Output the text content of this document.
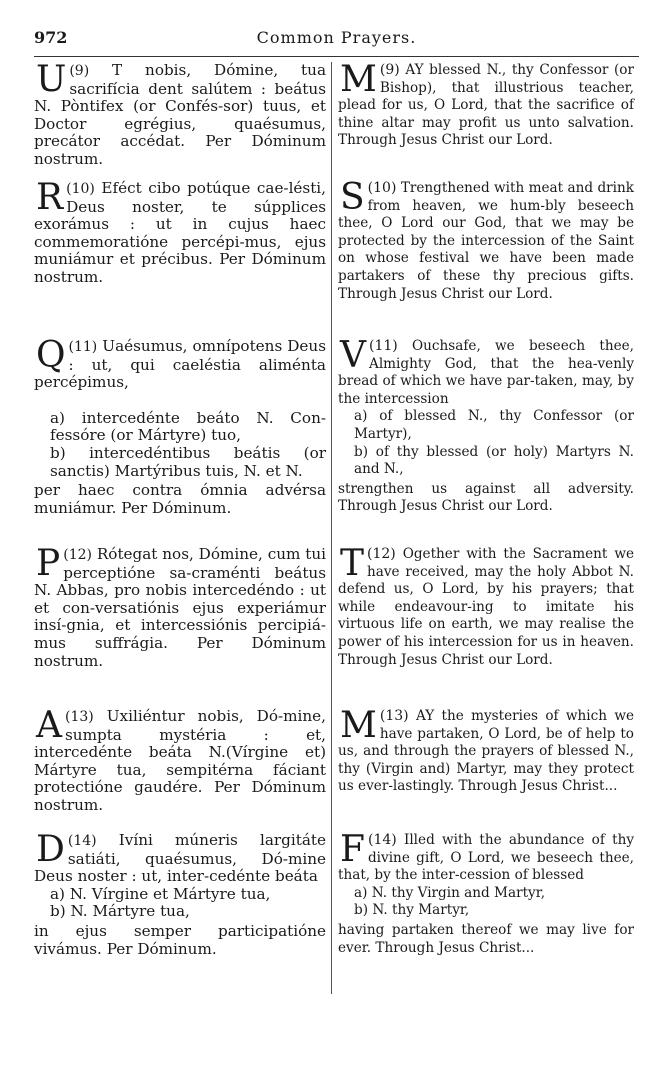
972	Common Prayers.
(9)
U	T nobis, Dómine, tua sacrifícia dent salútem : beátus N. Pòntifex (or Confés-sor) tuus, et Doctor egrégius, quaésumus, precátor accédat. Per Dóminum nostrum.
(10)
R	Eféct cibo potúque cae-lésti, Deus noster, te súpplices exorámus : ut in cujus haec commemoratióne percépi-mus, ejus muniámur et précibus. Per Dóminum nostrum.

(11)
Q Uaésumus, omnípotens Deus : ut, qui caeléstia aliménta percépimus,

a) intercedénte beáto N. Con-fessóre (or Mártyre) tuo,

b) intercedéntibus beátis (or sanctis) Martýribus tuis, N. et N.

per haec contra ómnia advérsa muniámur. Per Dóminum.

(12)
P Rótegat nos, Dómine, cum tui perceptióne sa-craménti beátus N. Abbas, pro nobis intercedéndo : ut et con-versatiónis ejus experiámur insí-gnia, et intercessiónis percipiá-mus suffrágia. Per Dóminum nostrum.
(13)
A	Uxiliéntur nobis, Dó-mine, sumpta mystéria : et, intercedénte beáta N.(Vírgine et) Mártyre tua, sempitérna fáciant protectióne gaudére. Per Dóminum nostrum.

(14)
D	Ivíni múneris largitáte satiáti, quaésumus, Dó-mine Deus noster : ut, inter-cedénte beáta

a) N. Vírgine et Mártyre tua,

b) N. Mártyre tua,

in ejus semper participatióne vivámus. Per Dóminum.

(9)
M AY blessed N., thy Confessor (or Bishop), that illustrious teacher, plead for us, O Lord, that the sacrifice of thine altar may profit us unto salvation. Through Jesus Christ our Lord.
(10)
S	Trengthened with meat and drink from heaven, we hum-bly beseech thee, O Lord our God, that we may be protected by the intercession of the Saint on whose festival we have been made partakers of these thy precious gifts. Through Jesus Christ our Lord.

(11)
V	Ouchsafe, we beseech thee, Almighty God, that the hea-venly bread of which we have par-taken, may, by the intercession

a) of blessed N., thy Confessor (or Martyr),

b) of thy blessed (or holy) Martyrs N. and N.,

strengthen us against all adversity. Through Jesus Christ our Lord.

(12)
T	Ogether with the Sacrament we have received, may the holy Abbot N. defend us, O Lord, by his prayers; that while endeavour-ing to imitate his virtuous life on earth, we may realise the power of his intercession for us in heaven. Through Jesus Christ our Lord.
(13)
M	AY the mysteries of which we have partaken, O Lord, be of help to us, and through the prayers of blessed N., thy (Virgin and) Martyr, may they protect us ever-lastingly. Through Jesus Christ...

(14)
F	Illed with the abundance of thy divine gift, O Lord, we beseech thee, that, by the inter-cession of blessed

a) N. thy Virgin and Martyr,

b) N. thy Martyr,

having partaken thereof we may live for ever. Through Jesus Christ...
